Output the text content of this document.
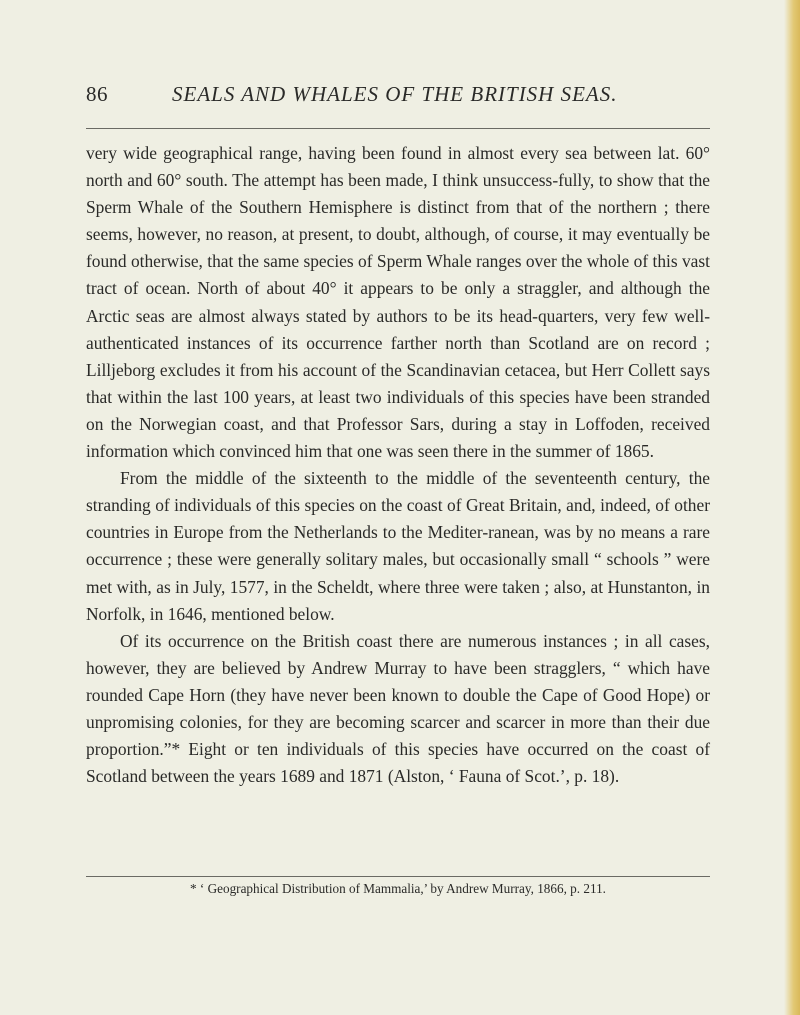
86	SEALS AND WHALES OF THE BRITISH SEAS.

very wide geographical range, having been found in almost every sea between lat. 60° north and 60° south. The attempt has been made, I think unsuccess-fully, to show that the Sperm Whale of the Southern Hemisphere is distinct from that of the northern ; there seems, however, no reason, at present, to doubt, although, of course, it may eventually be found otherwise, that the same species of Sperm Whale ranges over the whole of this vast tract of ocean. North of about 40° it appears to be only a straggler, and although the Arctic seas are almost always stated by authors to be its head-quarters, very few well-authenticated instances of its occurrence farther north than Scotland are on record ; Lilljeborg excludes it from his account of the Scandinavian cetacea, but Herr Collett says that within the last 100 years, at least two individuals of this species have been stranded on the Norwegian coast, and that Professor Sars, during a stay in Loffoden, received information which convinced him that one was seen there in the summer of 1865.

From the middle of the sixteenth to the middle of the seventeenth century, the stranding of individuals of this species on the coast of Great Britain, and, indeed, of other countries in Europe from the Netherlands to the Mediter-ranean, was by no means a rare occurrence ; these were generally solitary males, but occasionally small “ schools ” were met with, as in July, 1577, in the Scheldt, where three were taken ; also, at Hunstanton, in Norfolk, in 1646, mentioned below.

Of its occurrence on the British coast there are numerous instances ; in all cases, however, they are believed by Andrew Murray to have been stragglers, “ which have rounded Cape Horn (they have never been known to double the Cape of Good Hope) or unpromising colonies, for they are becoming scarcer and scarcer in more than their due proportion.”* Eight or ten individuals of this species have occurred on the coast of Scotland between the years 1689 and 1871 (Alston, ‘ Fauna of Scot.’, p. 18).

* ‘ Geographical Distribution of Mammalia,’ by Andrew Murray, 1866, p. 211.
